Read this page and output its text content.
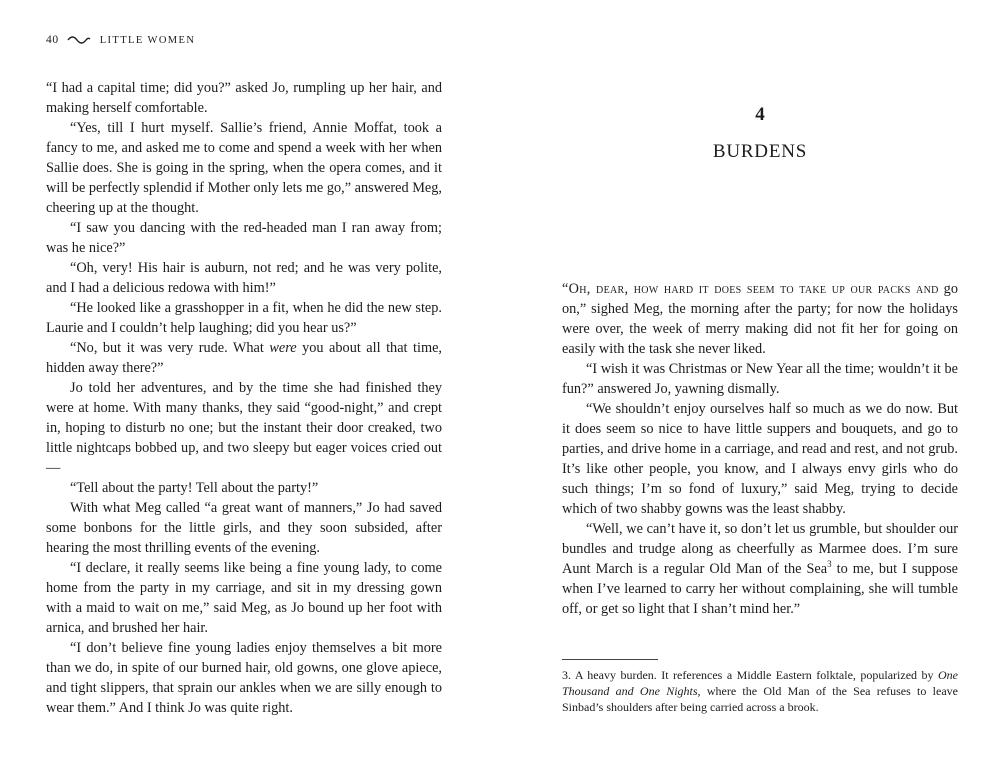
40	LITTLE WOMEN

“I had a capital time; did you?” asked Jo, rumpling up her hair, and making herself comfortable.

“Yes, till I hurt myself. Sallie’s friend, Annie Moffat, took a fancy to me, and asked me to come and spend a week with her when Sallie does. She is going in the spring, when the opera comes, and it will be perfectly splendid if Mother only lets me go,” answered Meg, cheering up at the thought.

“I saw you dancing with the red-headed man I ran away from; was he nice?”

“Oh, very! His hair is auburn, not red; and he was very polite, and I had a delicious redowa with him!”

“He looked like a grasshopper in a fit, when he did the new step. Laurie and I couldn’t help laughing; did you hear us?”

“No, but it was very rude. What were you about all that time, hidden away there?”

Jo told her adventures, and by the time she had finished they were at home. With many thanks, they said “good-night,” and crept in, hoping to disturb no one; but the instant their door creaked, two little nightcaps bobbed up, and two sleepy but eager voices cried out—

“Tell about the party! Tell about the party!”

With what Meg called “a great want of manners,” Jo had saved some bonbons for the little girls, and they soon subsided, after hearing the most thrilling events of the evening.

“I declare, it really seems like being a fine young lady, to come home from the party in my carriage, and sit in my dressing gown with a maid to wait on me,” said Meg, as Jo bound up her foot with arnica, and brushed her hair.

“I don’t believe fine young ladies enjoy themselves a bit more than we do, in spite of our burned hair, old gowns, one glove apiece, and tight slippers, that sprain our ankles when we are silly enough to wear them.” And I think Jo was quite right.

4
BURDENS

“Oh, dear, how hard it does seem to take up our packs and go on,” sighed Meg, the morning after the party; for now the holidays were over, the week of merry making did not fit her for going on easily with the task she never liked.

“I wish it was Christmas or New Year all the time; wouldn’t it be fun?” answered Jo, yawning dismally.

“We shouldn’t enjoy ourselves half so much as we do now. But it does seem so nice to have little suppers and bouquets, and go to parties, and drive home in a carriage, and read and rest, and not grub. It’s like other people, you know, and I always envy girls who do such things; I’m so fond of luxury,” said Meg, trying to decide which of two shabby gowns was the least shabby.

“Well, we can’t have it, so don’t let us grumble, but shoulder our bundles and trudge along as cheerfully as Marmee does. I’m sure Aunt March is a regular Old Man of the Sea$^3$ to me, but I suppose when I’ve learned to carry her without complaining, she will tumble off, or get so light that I shan’t mind her.”

3. A heavy burden. It references a Middle Eastern folktale, popularized by One Thousand and One Nights, where the Old Man of the Sea refuses to leave Sinbad’s shoulders after being carried across a brook.
